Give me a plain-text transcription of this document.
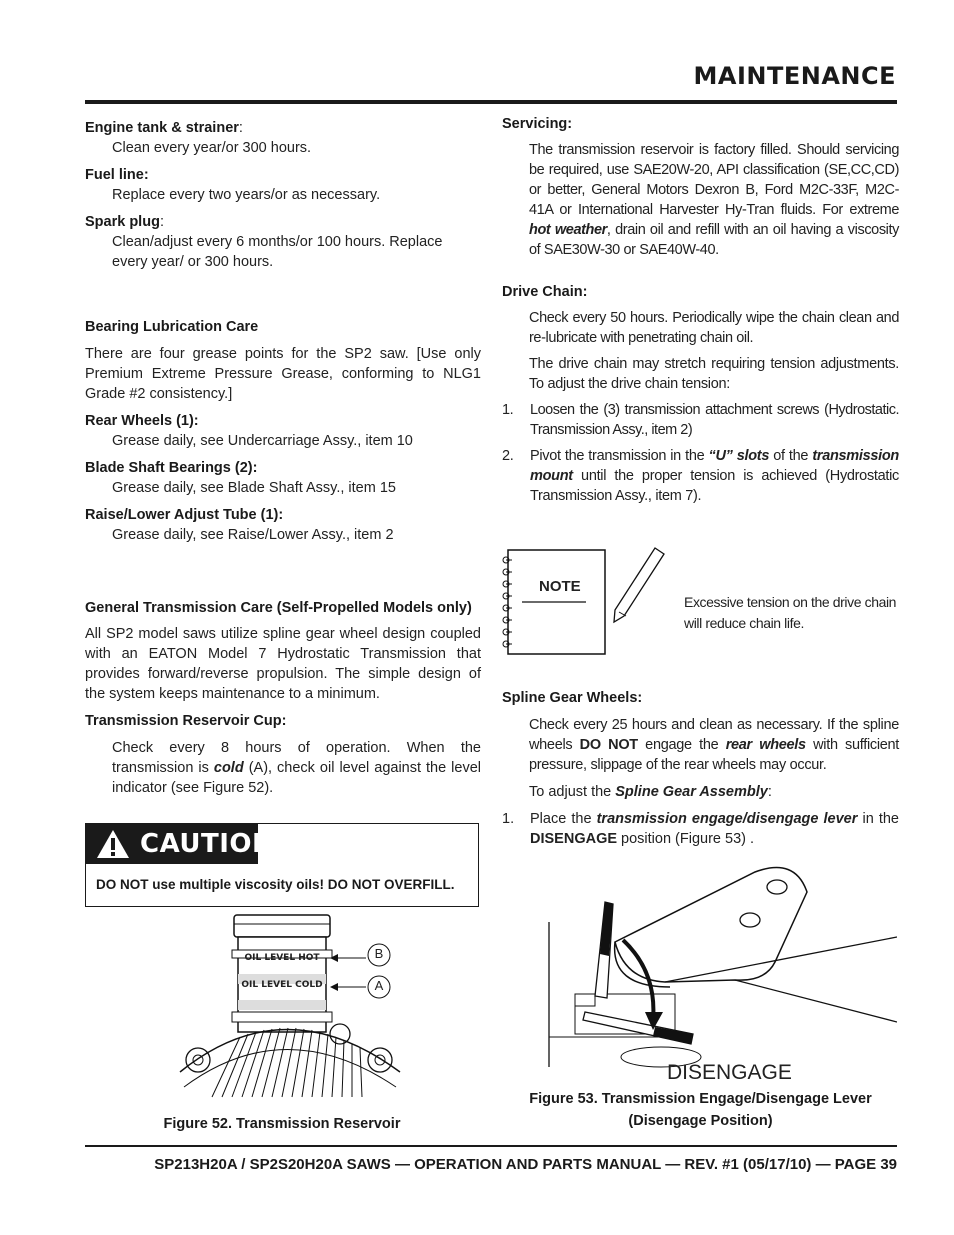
MAINTENANCE

Engine tank & strainer:

Clean every year/or 300 hours.

Fuel line:

Replace every two years/or as necessary.

Spark plug:

Clean/adjust every 6 months/or 100 hours. Replace every year/ or 300 hours.

Bearing Lubrication Care

There are four grease points for the SP2 saw. [Use only Premium Extreme Pressure Grease, conforming to NLG1 Grade #2 consistency.]

Rear Wheels (1):

Grease daily, see Undercarriage Assy., item 10

Blade Shaft Bearings (2):

Grease daily, see Blade Shaft Assy., item 15

Raise/Lower Adjust Tube (1):

Grease daily, see Raise/Lower Assy., item 2

General Transmission Care (Self-Propelled Models only)

All SP2 model saws utilize spline gear wheel design coupled with an EATON Model 7 Hydrostatic Transmission that provides forward/reverse propulsion. The simple design of the system keeps maintenance to a minimum.

Transmission Reservoir Cup:

Check every 8 hours of operation. When the transmission is cold (A), check oil level against the level indicator (see Figure 52).

CAUTION
DO NOT use multiple viscosity oils! DO NOT OVERFILL.
OIL LEVEL HOT
OIL LEVEL COLD
B
A
Figure 52. Transmission Reservoir

Servicing:

The transmission reservoir is factory filled. Should servicing be required, use SAE20W-20, API classification (SE,CC,CD) or better, General Motors Dexron B, Ford M2C-33F, M2C-41A or International Harvester Hy-Tran fluids. For extreme hot weather, drain oil and refill with an oil having a viscosity of SAE30W-30 or SAE40W-40.

Drive Chain:

Check every 50 hours. Periodically wipe the chain clean and re-lubricate with penetrating chain oil.

The drive chain may stretch requiring tension adjustments. To adjust the drive chain tension:

1.	Loosen the (3) transmission attachment screws (Hydrostatic. Transmission Assy., item 2)
2.	Pivot the transmission in the “U” slots of the transmission mount until the proper tension is achieved (Hydrostatic Transmission Assy., item 7).
NOTE
Excessive tension on the drive chain will reduce chain life.

Spline Gear Wheels:

Check every 25 hours and clean as necessary. If the spline wheels DO NOT engage the rear wheels with sufficient pressure, slippage of the rear wheels may occur.

To adjust the Spline Gear Assembly:

1.	Place the transmission engage/disengage lever in the DISENGAGE position (Figure 53) .
DISENGAGE
Figure 53. Transmission Engage/Disengage Lever
(Disengage Position)
SP213H20A / SP2S20H20A SAWS — OPERATION AND PARTS MANUAL — REV. #1 (05/17/10) — PAGE 39
